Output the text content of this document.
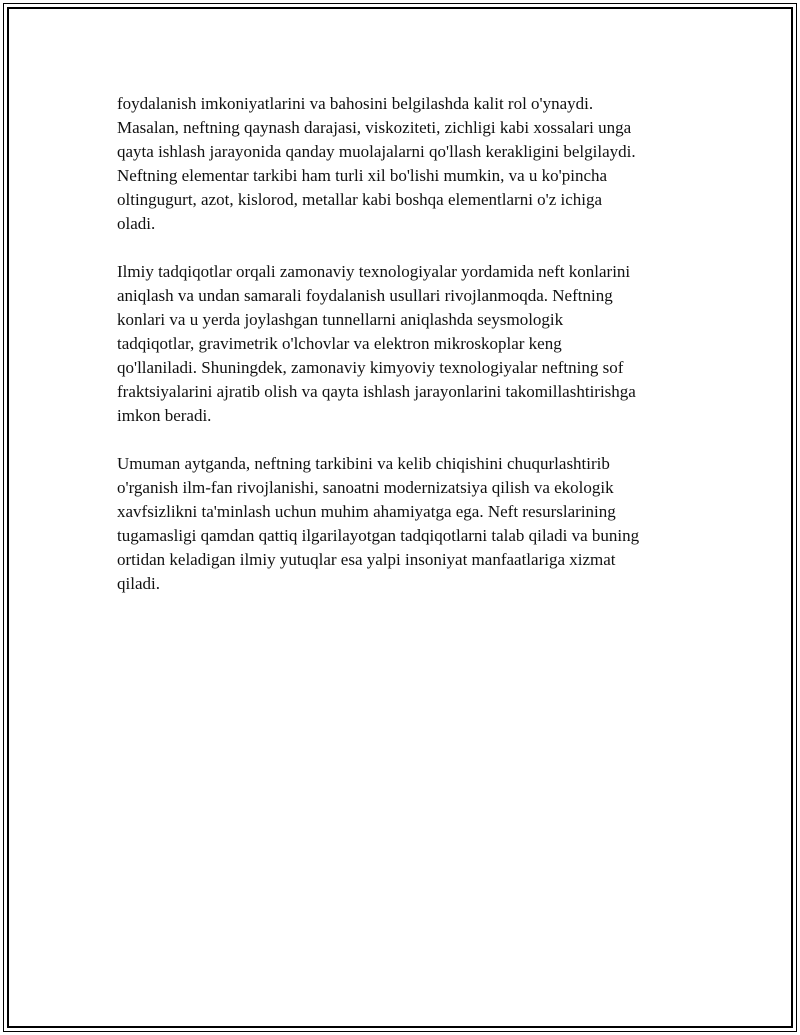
foydalanish imkoniyatlarini va bahosini belgilashda kalit rol o'ynaydi.
Masalan, neftning qaynash darajasi, viskoziteti, zichligi kabi xossalari unga
qayta ishlash jarayonida qanday muolajalarni qo'llash kerakligini belgilaydi.
Neftning elementar tarkibi ham turli xil bo'lishi mumkin, va u ko'pincha
oltingugurt, azot, kislorod, metallar kabi boshqa elementlarni o'z ichiga
oladi.

Ilmiy tadqiqotlar orqali zamonaviy texnologiyalar yordamida neft konlarini
aniqlash va undan samarali foydalanish usullari rivojlanmoqda. Neftning
konlari va u yerda joylashgan tunnellarni aniqlashda seysmologik
tadqiqotlar, gravimetrik o'lchovlar va elektron mikroskoplar keng
qo'llaniladi. Shuningdek, zamonaviy kimyoviy texnologiyalar neftning sof
fraktsiyalarini ajratib olish va qayta ishlash jarayonlarini takomillashtirishga
imkon beradi.

Umuman aytganda, neftning tarkibini va kelib chiqishini chuqurlashtirib
o'rganish ilm-fan rivojlanishi, sanoatni modernizatsiya qilish va ekologik
xavfsizlikni ta'minlash uchun muhim ahamiyatga ega. Neft resurslarining
tugamasligi qamdan qattiq ilgarilayotgan tadqiqotlarni talab qiladi va buning
ortidan keladigan ilmiy yutuqlar esa yalpi insoniyat manfaatlariga xizmat
qiladi.
